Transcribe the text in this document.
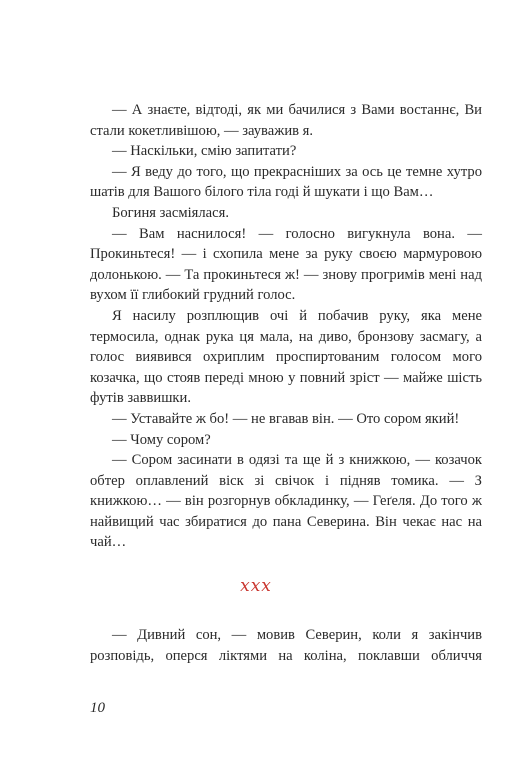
— А знаєте, відтоді, як ми бачилися з Вами востаннє, Ви стали кокетливішою, — зауважив я.

— Наскільки, смію запитати?

— Я веду до того, що прекрасніших за ось це темне хутро шатів для Вашого білого тіла годі й шукати і що Вам…

Богиня засміялася.

— Вам наснилося! — голосно вигукнула вона. — Прокиньтеся! — і схопила мене за руку своєю мармуровою долонькою. — Та прокиньтеся ж! — знову прогримів мені над вухом її глибокий грудний голос.

Я насилу розплющив очі й побачив руку, яка мене термосила, однак рука ця мала, на диво, бронзову засмагу, а голос виявився охриплим проспиртованим голосом мого козачка, що стояв переді мною у повний зріст — майже шість футів заввишки.

— Уставайте ж бо! — не вгавав він. — Ото сором який!

— Чому сором?

— Сором засинати в одязі та ще й з книжкою, — козачок обтер оплавлений віск зі свічок і підняв томика. — З книжкою… — він розгорнув обкладинку, — Геґеля. До того ж найвищий час збиратися до пана Северина. Він чекає нас на чай…

xxx

— Дивний сон, — мовив Северин, коли я закінчив розповідь, оперся ліктями на коліна, поклавши обличчя

10
